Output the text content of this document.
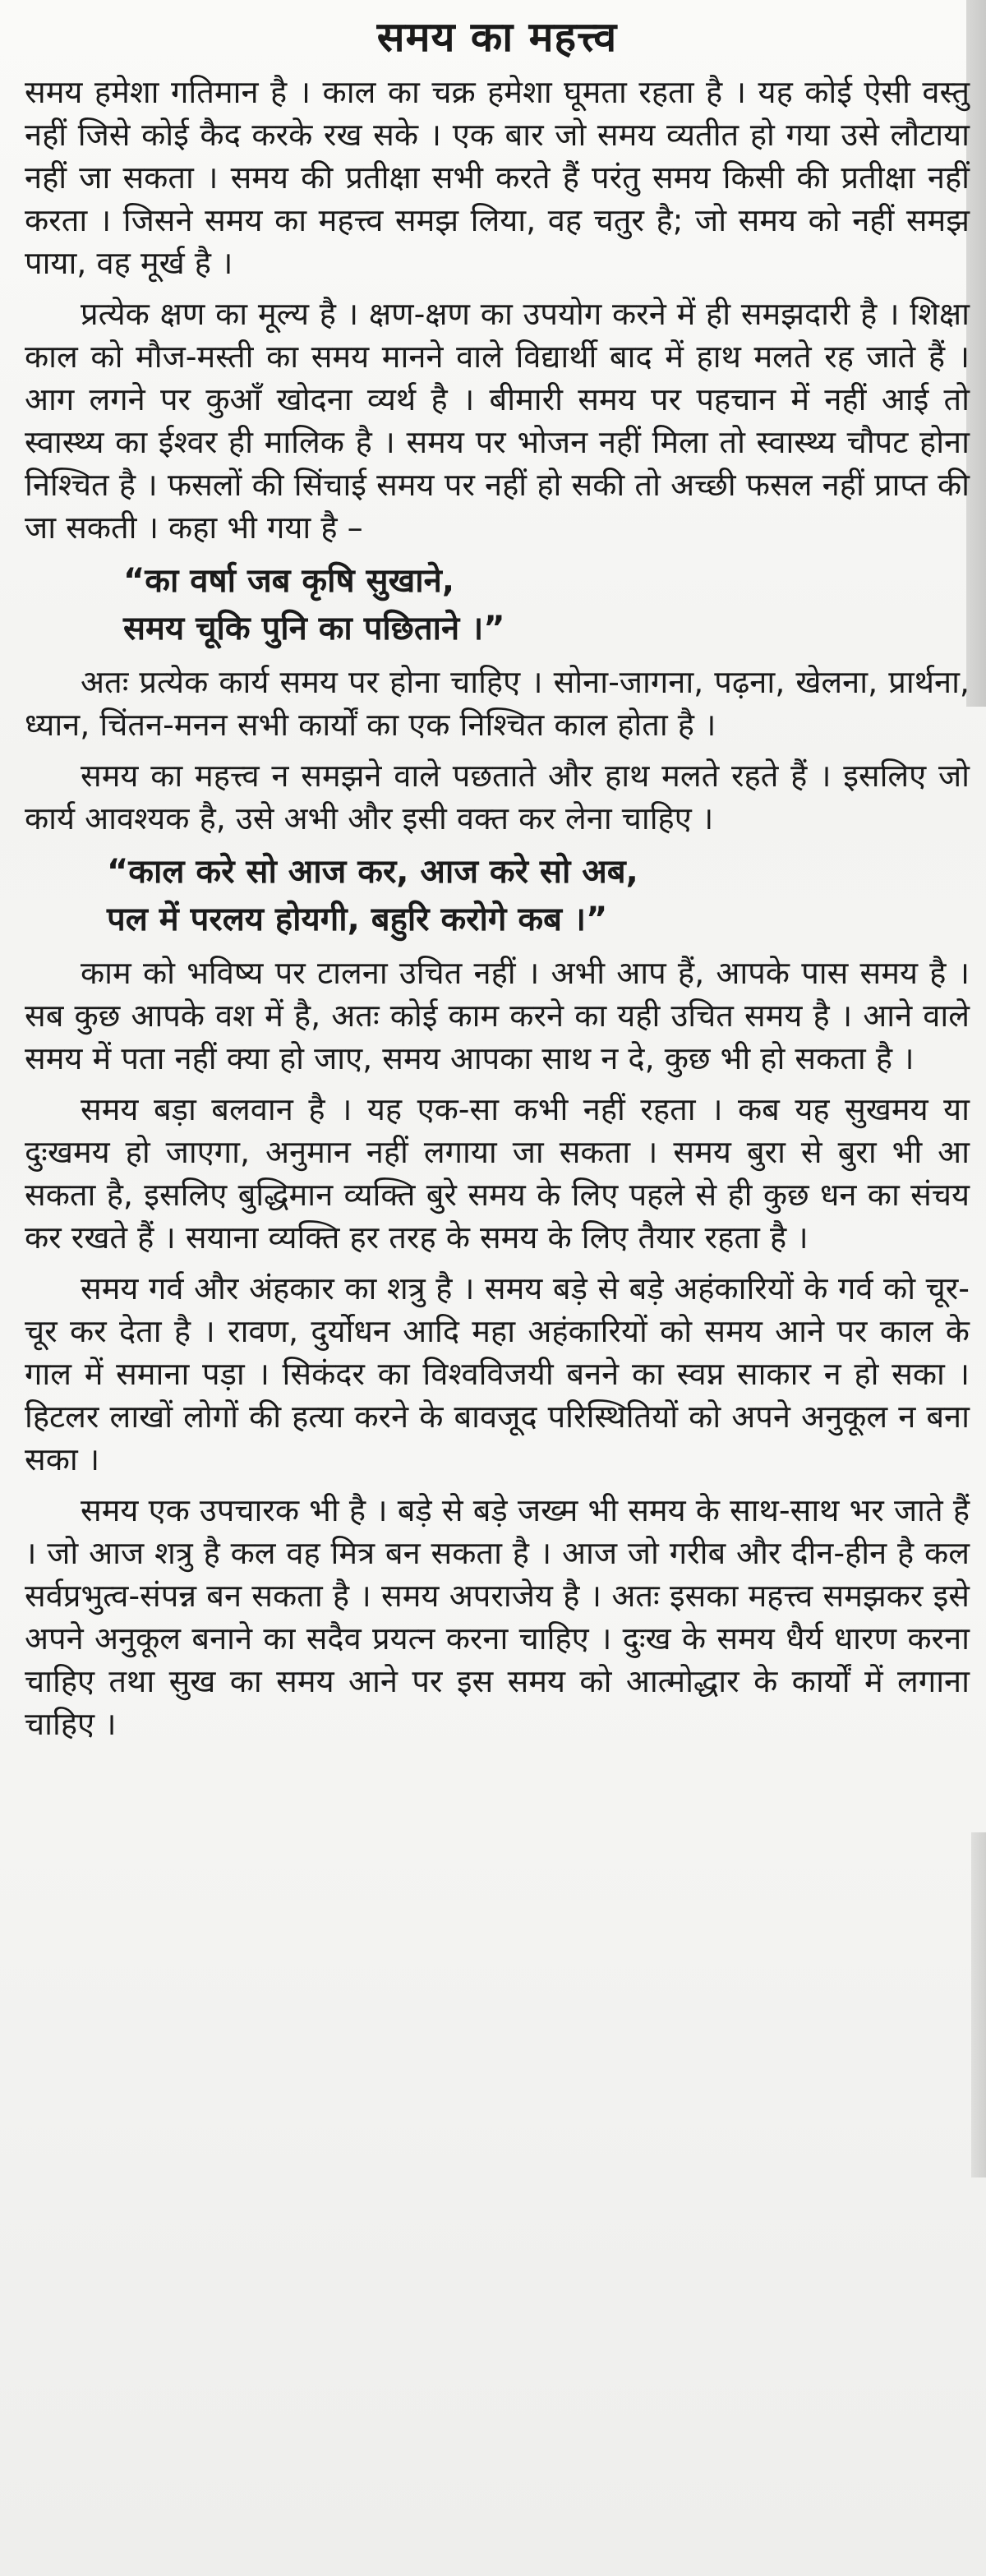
समय का महत्त्व

समय हमेशा गतिमान है । काल का चक्र हमेशा घूमता रहता है । यह कोई ऐसी वस्तु नहीं जिसे कोई कैद करके रख सके । एक बार जो समय व्यतीत हो गया उसे लौटाया नहीं जा सकता । समय की प्रतीक्षा सभी करते हैं परंतु समय किसी की प्रतीक्षा नहीं करता । जिसने समय का महत्त्व समझ लिया, वह चतुर है; जो समय को नहीं समझ पाया, वह मूर्ख है ।

प्रत्येक क्षण का मूल्य है । क्षण-क्षण का उपयोग करने में ही समझदारी है । शिक्षा काल को मौज-मस्ती का समय मानने वाले विद्यार्थी बाद में हाथ मलते रह जाते हैं । आग लगने पर कुआँ खोदना व्यर्थ है । बीमारी समय पर पहचान में नहीं आई तो स्वास्थ्य का ईश्वर ही मालिक है । समय पर भोजन नहीं मिला तो स्वास्थ्य चौपट होना निश्चित है । फसलों की सिंचाई समय पर नहीं हो सकी तो अच्छी फसल नहीं प्राप्त की जा सकती । कहा भी गया है –

“का वर्षा जब कृषि सुखाने,
समय चूकि पुनि का पछिताने ।”

अतः प्रत्येक कार्य समय पर होना चाहिए । सोना-जागना, पढ़ना, खेलना, प्रार्थना, ध्यान, चिंतन-मनन सभी कार्यों का एक निश्चित काल होता है ।

समय का महत्त्व न समझने वाले पछताते और हाथ मलते रहते हैं । इसलिए जो कार्य आवश्यक है, उसे अभी और इसी वक्त कर लेना चाहिए ।

“काल करे सो आज कर, आज करे सो अब,
पल में परलय होयगी, बहुरि करोगे कब ।”

काम को भविष्य पर टालना उचित नहीं । अभी आप हैं, आपके पास समय है । सब कुछ आपके वश में है, अतः कोई काम करने का यही उचित समय है । आने वाले समय में पता नहीं क्या हो जाए, समय आपका साथ न दे, कुछ भी हो सकता है ।

समय बड़ा बलवान है । यह एक-सा कभी नहीं रहता । कब यह सुखमय या दुःखमय हो जाएगा, अनुमान नहीं लगाया जा सकता । समय बुरा से बुरा भी आ सकता है, इसलिए बुद्धिमान व्यक्ति बुरे समय के लिए पहले से ही कुछ धन का संचय कर रखते हैं । सयाना व्यक्ति हर तरह के समय के लिए तैयार रहता है ।

समय गर्व और अंहकार का शत्रु है । समय बड़े से बड़े अहंकारियों के गर्व को चूर-चूर कर देता है । रावण, दुर्योधन आदि महा अहंकारियों को समय आने पर काल के गाल में समाना पड़ा । सिकंदर का विश्वविजयी बनने का स्वप्न साकार न हो सका । हिटलर लाखों लोगों की हत्या करने के बावजूद परिस्थितियों को अपने अनुकूल न बना सका ।

समय एक उपचारक भी है । बड़े से बड़े जख्म भी समय के साथ-साथ भर जाते हैं । जो आज शत्रु है कल वह मित्र बन सकता है । आज जो गरीब और दीन-हीन है कल सर्वप्रभुत्व-संपन्न बन सकता है । समय अपराजेय है । अतः इसका महत्त्व समझकर इसे अपने अनुकूल बनाने का सदैव प्रयत्न करना चाहिए । दुःख के समय धैर्य धारण करना चाहिए तथा सुख का समय आने पर इस समय को आत्मोद्धार के कार्यों में लगाना चाहिए ।
